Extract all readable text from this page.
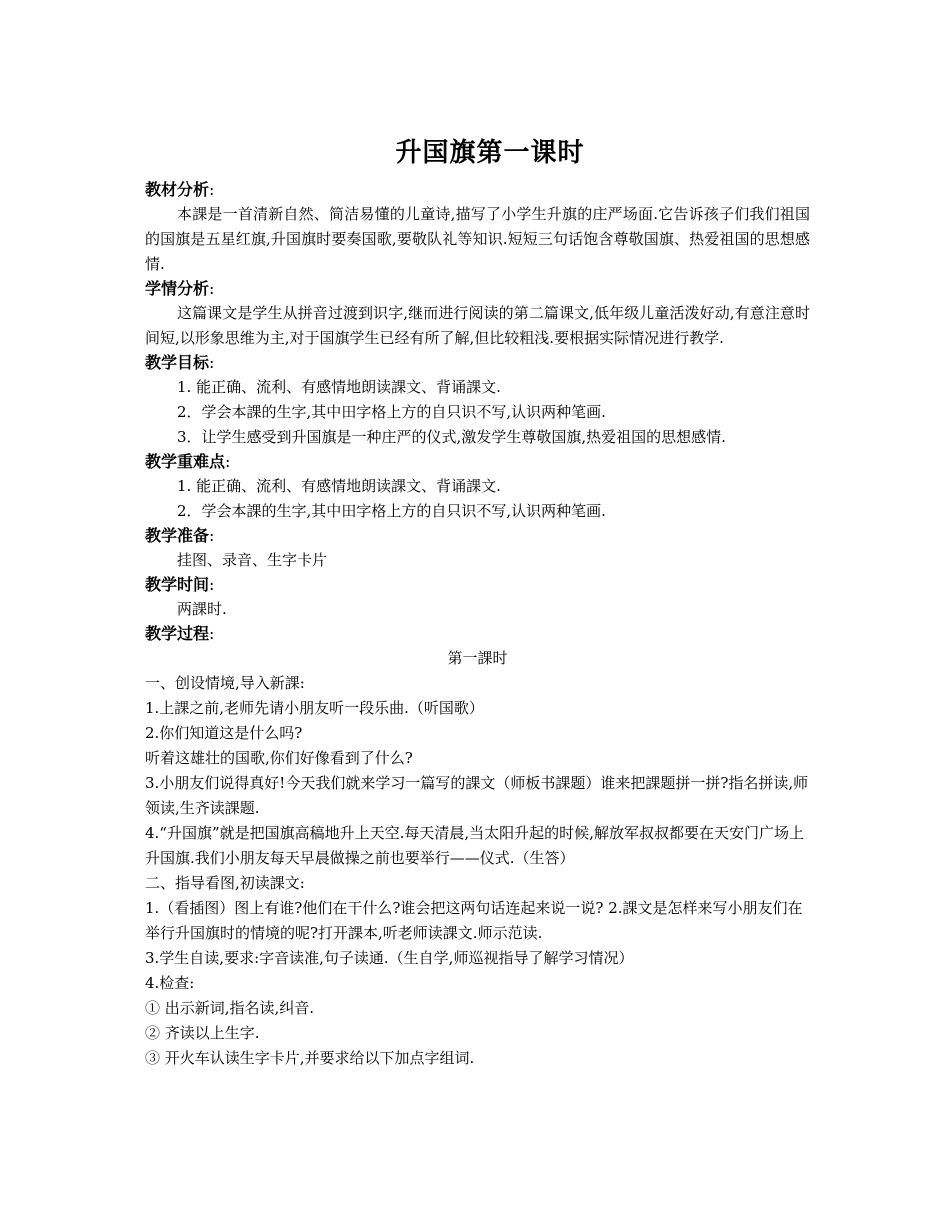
升国旗第一课时
教材分析:

本課是一首清新自然、简洁易懂的儿童诗,描写了小学生升旗的庄严场面.它告诉孩子们我们祖国的国旗是五星红旗,升国旗时要奏国歌,要敬队礼等知识.短短三句话饱含尊敬国旗、热爱祖国的思想感情.

学情分析:

这篇课文是学生从拼音过渡到识字,继而进行阅读的第二篇课文,低年级儿童活泼好动,有意注意时间短,以形象思维为主,对于国旗学生已经有所了解,但比较粗浅.要根据实际情况进行教学.

教学目标:

1. 能正确、流利、有感情地朗读課文、背诵課文.

2．学会本課的生字,其中田字格上方的自只识不写,认识两种笔画.

3．让学生感受到升国旗是一种庄严的仪式,激发学生尊敬国旗,热爱祖国的思想感情.

教学重难点:

1. 能正确、流利、有感情地朗读課文、背诵課文.

2．学会本課的生字,其中田字格上方的自只识不写,认识两种笔画.

教学准备:

挂图、录音、生字卡片

教学时间:

两課时.

教学过程:

第一課时

一、创设情境,导入新課:

1.上課之前,老师先请小朋友听一段乐曲.（听国歌）

2.你们知道这是什么吗?

听着这雄壮的国歌,你们好像看到了什么?

3.小朋友们说得真好!今天我们就来学习一篇写的課文（师板书課题）谁来把課题拼一拼?指名拼读,师领读,生齐读課题.

4.“升国旗”就是把国旗高稿地升上天空.每天清晨,当太阳升起的时候,解放军叔叔都要在天安门广场上升国旗.我们小朋友每天早晨做操之前也要举行——仪式.（生答）

二、指导看图,初读課文:

1.（看插图）图上有谁?他们在干什么?谁会把这两句话连起来说一说? 2.課文是怎样来写小朋友们在举行升国旗时的情境的呢?打开課本,听老师读課文.师示范读.

3.学生自读,要求:字音读准,句子读通.（生自学,师巡视指导了解学习情况）

4.检查:

① 出示新词,指名读,纠音.

② 齐读以上生字.

③ 开火车认读生字卡片,并要求给以下加点字组词.
